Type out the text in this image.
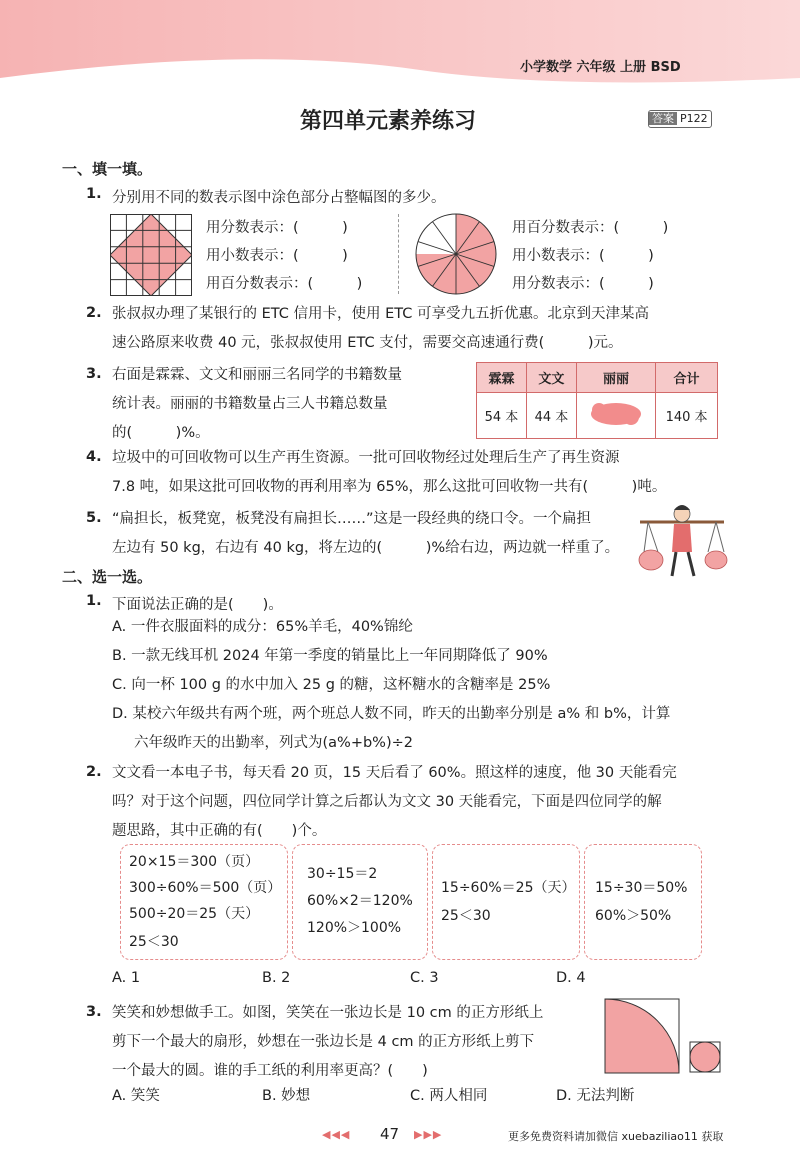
小学数学 六年级 上册 BSD
第四单元素养练习	答案 P122
一、填一填。
1. 分别用不同的数表示图中涂色部分占整幅图的多少。
用分数表示：(　　　)
用小数表示：(　　　)
用百分数表示：(　　　)
用百分数表示：(　　　)
用小数表示：(　　　)
用分数表示：(　　　)
2. 张叔叔办理了某银行的 ETC 信用卡，使用 ETC 可享受九五折优惠。北京到天津某高
速公路原来收费 40 元，张叔叔使用 ETC 支付，需要交高速通行费(　　　)元。
3. 右面是霖霖、文文和丽丽三名同学的书籍数量
统计表。丽丽的书籍数量占三人书籍总数量
的(　　　)%。
霖霖	文文	丽丽	合计
54 本	44 本		140 本
4. 垃圾中的可回收物可以生产再生资源。一批可回收物经过处理后生产了再生资源
7.8 吨，如果这批可回收物的再利用率为 65%，那么这批可回收物一共有(　　　)吨。
5. “扁担长，板凳宽，板凳没有扁担长……”这是一段经典的绕口令。一个扁担
左边有 50 kg，右边有 40 kg，将左边的(　　　)%给右边，两边就一样重了。
二、选一选。
1. 下面说法正确的是(　　)。
A. 一件衣服面料的成分：65%羊毛，40%锦纶
B. 一款无线耳机 2024 年第一季度的销量比上一年同期降低了 90%
C. 向一杯 100 g 的水中加入 25 g 的糖，这杯糖水的含糖率是 25%
D. 某校六年级共有两个班，两个班总人数不同，昨天的出勤率分别是 a% 和 b%，计算
六年级昨天的出勤率，列式为(a%+b%)÷2
2. 文文看一本电子书，每天看 20 页，15 天后看了 60%。照这样的速度，他 30 天能看完
吗？对于这个问题，四位同学计算之后都认为文文 30 天能看完，下面是四位同学的解
题思路，其中正确的有(　　)个。
20×15＝300（页）
300÷60%＝500（页）
500÷20＝25（天）
25＜30
30÷15＝2
60%×2＝120%
120%＞100%
15÷60%＝25（天）
25＜30
15÷30＝50%
60%＞50%
A. 1	B. 2	C. 3	D. 4
3. 笑笑和妙想做手工。如图，笑笑在一张边长是 10 cm 的正方形纸上
剪下一个最大的扇形，妙想在一张边长是 4 cm 的正方形纸上剪下
一个最大的圆。谁的手工纸的利用率更高？(　　)
A. 笑笑	B. 妙想	C. 两人相同	D. 无法判断
◀◀◀ 47 ▶▶▶	更多免费资料请加微信 xuebaziliao11 获取
